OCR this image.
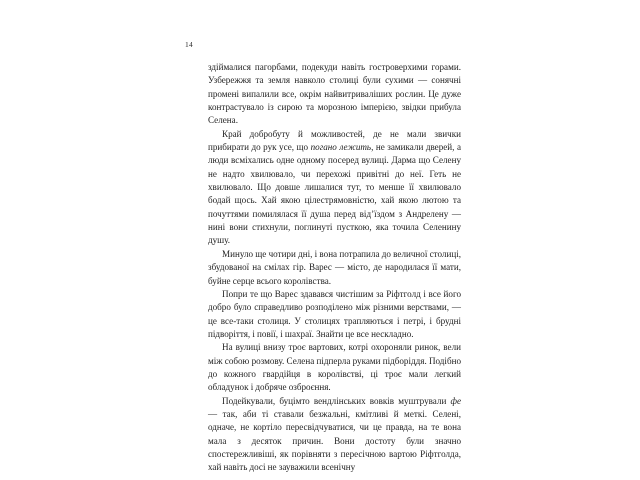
14

здіймалися пагорбами, подекуди навіть гостроверхими горами. Узбережжя та земля навколо столиці були сухими — сонячні промені випалили все, окрім найвитриваліших рослин. Це дуже контрастувало із сирою та морозною імперією, звідки прибула Селена.

Край добробуту й можливостей, де не мали звички прибирати до рук усе, що погано лежить, не замикали дверей, а люди всміхались одне одному посеред вулиці. Дарма що Селену не надто хвилювало, чи перехожі привітні до неї. Геть не хвилювало. Що довше лишалися тут, то менше її хвилювало бодай щось. Хай якою цілестрямовністю, хай якою лютою та почуттями помилялася її душа перед від’їздом з Андрелену — нині вони стихнули, поглинуті пусткою, яка точила Селенину душу.

Минуло ще чотири дні, і вона потрапила до величної столиці, збудованої на смілах гір. Варес — місто, де народилася її мати, буйне серце всього королівства.

Попри те що Варес здавався чистішим за Ріфтголд і все його добро було справедливо розподілено між різними верствами, — це все-таки столиця. У столицях трапляються і петрі, і брудні підворіття, і повії, і шахраї. Знайти це все нескладно.

На вулиці внизу троє вартових, котрі охороняли ринок, вели між собою розмову. Селена підперла руками підборіддя. Подібно до кожного гвардійця в королівстві, ці троє мали легкий обладунок і добряче озброєння.

Подейкували, буцімто вендлінських вовків муштрували фе — так, аби ті ставали безжальні, кмітливі й меткі. Селені, одначе, не кортіло пересвідчуватися, чи це правда, на те вона мала з десяток причин. Вони достоту були значно спостережливіші, як порівняти з пересічною вартою Ріфтголда, хай навіть досі не зауважили всенічну
